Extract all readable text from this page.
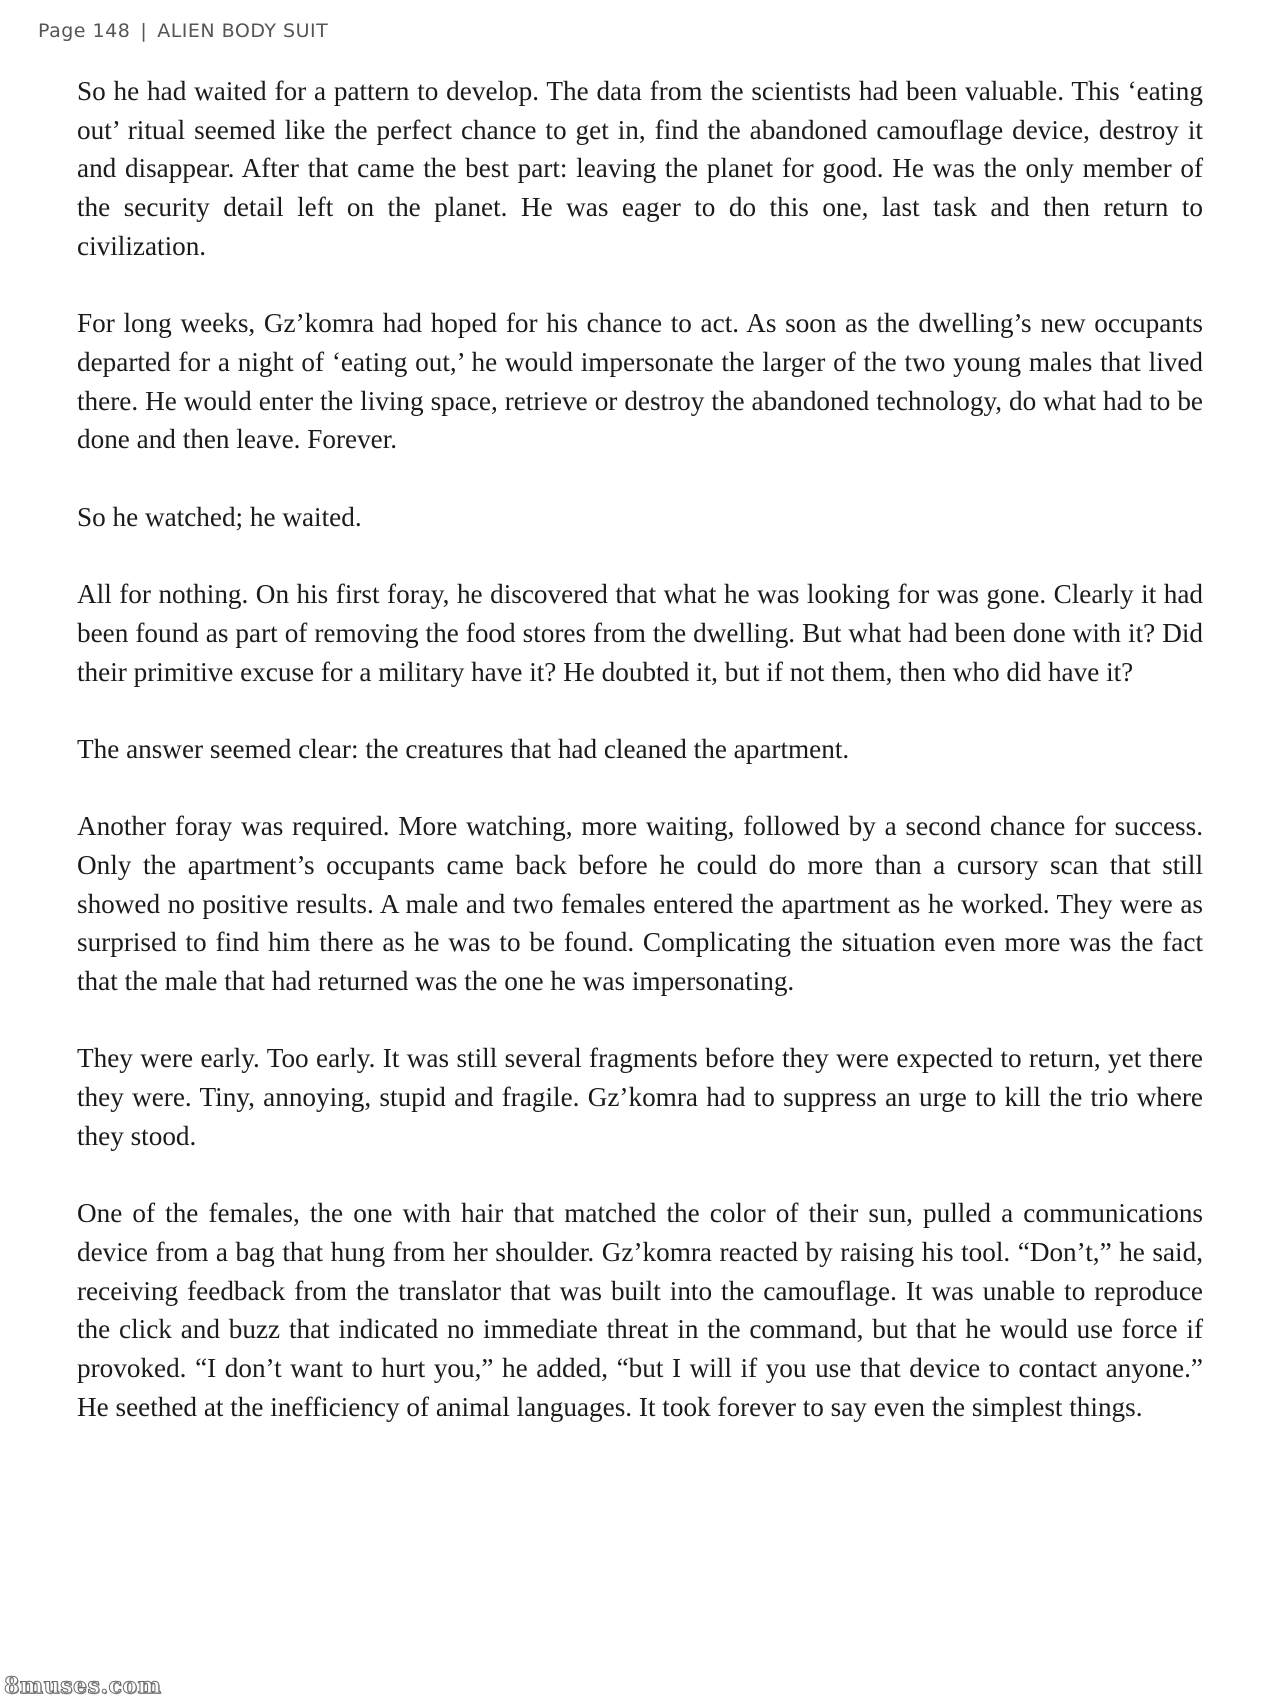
Page 148 | ALIEN BODY SUIT

So he had waited for a pattern to develop. The data from the scientists had been valuable. This ‘eating out’ ritual seemed like the perfect chance to get in, find the abandoned camouflage device, destroy it and disappear. After that came the best part: leaving the planet for good. He was the only member of the security detail left on the planet. He was eager to do this one, last task and then return to civilization.

For long weeks, Gz’komra had hoped for his chance to act. As soon as the dwelling’s new occupants departed for a night of ‘eating out,’ he would impersonate the larger of the two young males that lived there. He would enter the living space, retrieve or destroy the abandoned technology, do what had to be done and then leave. Forever.

So he watched; he waited.

All for nothing. On his first foray, he discovered that what he was looking for was gone. Clearly it had been found as part of removing the food stores from the dwelling. But what had been done with it? Did their primitive excuse for a military have it? He doubted it, but if not them, then who did have it?

The answer seemed clear: the creatures that had cleaned the apartment.

Another foray was required. More watching, more waiting, followed by a second chance for success. Only the apartment’s occupants came back before he could do more than a cursory scan that still showed no positive results. A male and two females entered the apartment as he worked. They were as surprised to find him there as he was to be found. Complicating the situation even more was the fact that the male that had returned was the one he was impersonating.

They were early. Too early. It was still several fragments before they were expected to return, yet there they were. Tiny, annoying, stupid and fragile. Gz’komra had to suppress an urge to kill the trio where they stood.

One of the females, the one with hair that matched the color of their sun, pulled a communications device from a bag that hung from her shoulder. Gz’komra reacted by raising his tool. “Don’t,” he said, receiving feedback from the translator that was built into the camouflage. It was unable to reproduce the click and buzz that indicated no immediate threat in the command, but that he would use force if provoked. “I don’t want to hurt you,” he added, “but I will if you use that device to contact anyone.” He seethed at the inefficiency of animal languages. It took forever to say even the simplest things.

8muses.com
